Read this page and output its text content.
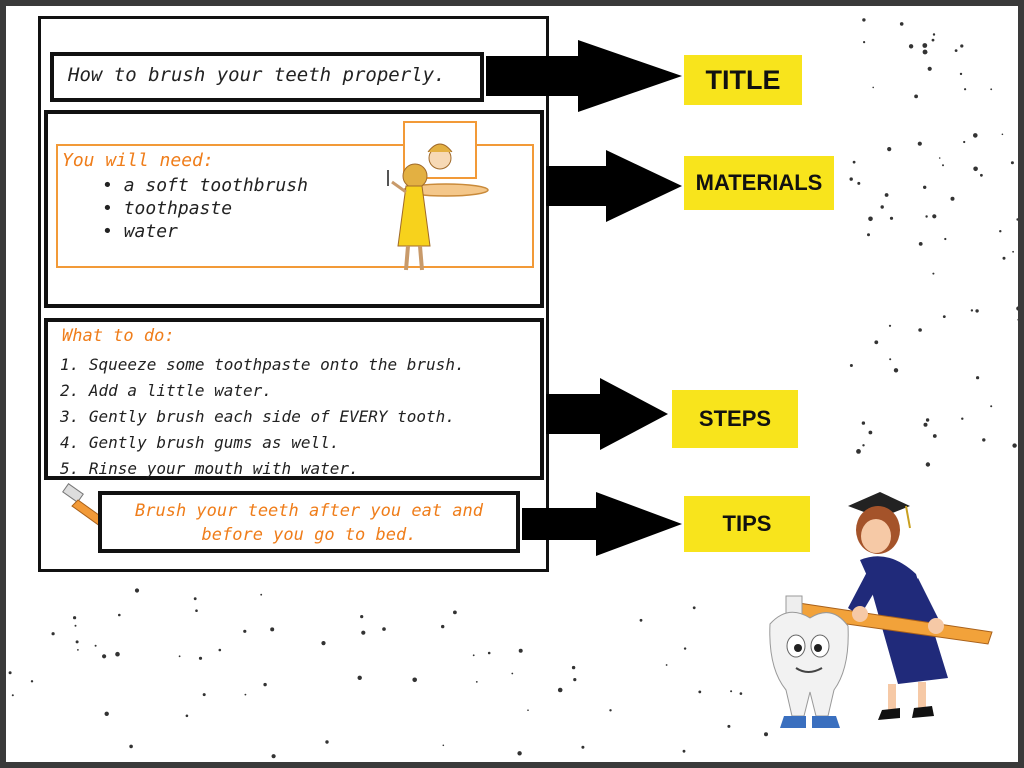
How to brush your teeth properly.
You will need:
• a soft toothbrush
• toothpaste
• water
What to do:
1. Squeeze some toothpaste onto the brush.
2. Add a little water.
3. Gently brush each side of EVERY tooth.
4. Gently brush gums as well.
5. Rinse your mouth with water.
Brush your teeth after you eat and
before you go to bed.
TITLE
MATERIALS
STEPS
TIPS
